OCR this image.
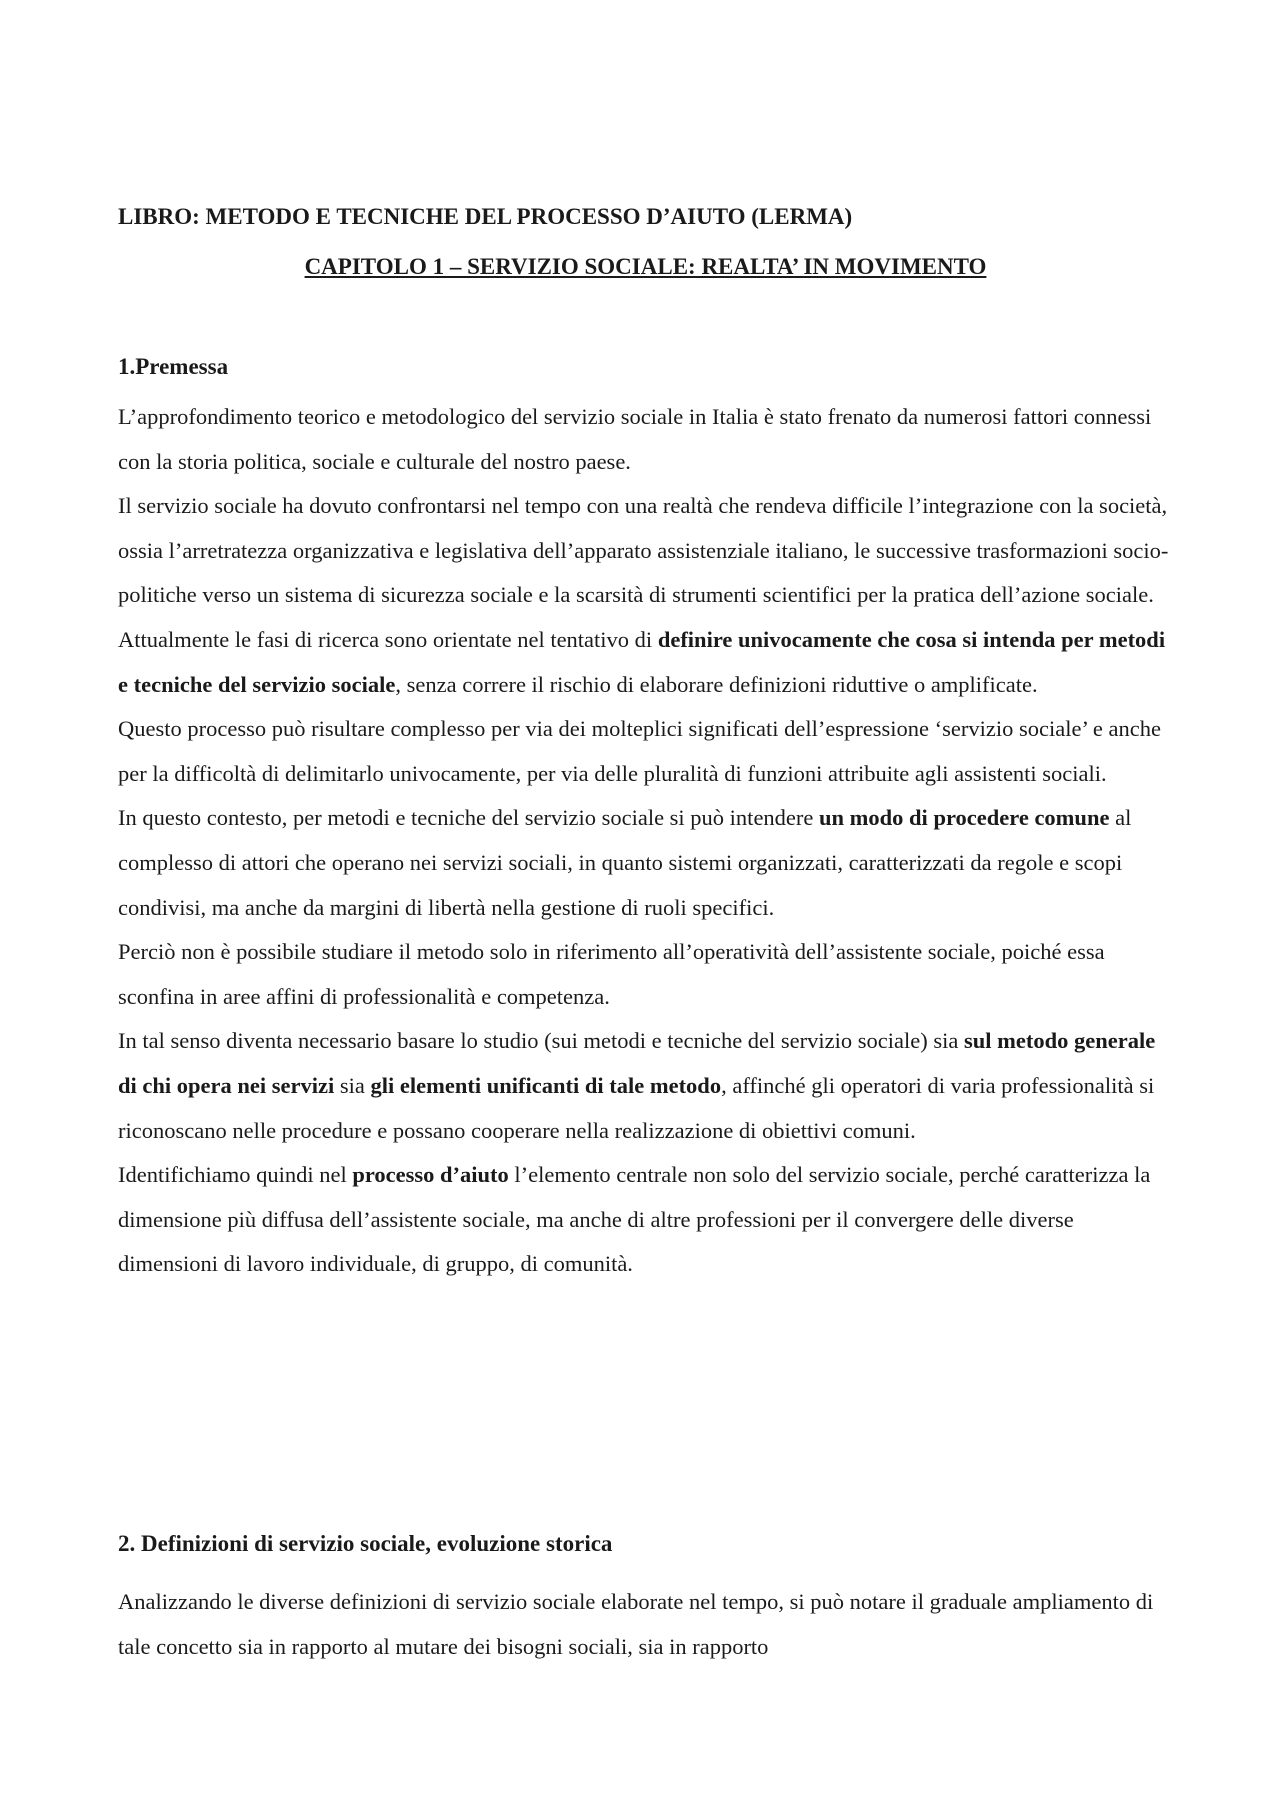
LIBRO: METODO E TECNICHE DEL PROCESSO D’AIUTO (LERMA)
CAPITOLO 1 – SERVIZIO SOCIALE: REALTA’ IN MOVIMENTO
1.Premessa

L’approfondimento teorico e metodologico del servizio sociale in Italia è stato frenato da numerosi fattori connessi con la storia politica, sociale e culturale del nostro paese.

Il servizio sociale ha dovuto confrontarsi nel tempo con una realtà che rendeva difficile l’integrazione con la società, ossia l’arretratezza organizzativa e legislativa dell’apparato assistenziale italiano, le successive trasformazioni socio-politiche verso un sistema di sicurezza sociale e la scarsità di strumenti scientifici per la pratica dell’azione sociale.

Attualmente le fasi di ricerca sono orientate nel tentativo di definire univocamente che cosa si intenda per metodi e tecniche del servizio sociale, senza correre il rischio di elaborare definizioni riduttive o amplificate.

Questo processo può risultare complesso per via dei molteplici significati dell’espressione ‘servizio sociale’ e anche per la difficoltà di delimitarlo univocamente, per via delle pluralità di funzioni attribuite agli assistenti sociali.

In questo contesto, per metodi e tecniche del servizio sociale si può intendere un modo di procedere comune al complesso di attori che operano nei servizi sociali, in quanto sistemi organizzati, caratterizzati da regole e scopi condivisi, ma anche da margini di libertà nella gestione di ruoli specifici.

Perciò non è possibile studiare il metodo solo in riferimento all’operatività dell’assistente sociale, poiché essa sconfina in aree affini di professionalità e competenza.

In tal senso diventa necessario basare lo studio (sui metodi e tecniche del servizio sociale) sia sul metodo generale di chi opera nei servizi sia gli elementi unificanti di tale metodo, affinché gli operatori di varia professionalità si riconoscano nelle procedure e possano cooperare nella realizzazione di obiettivi comuni.

Identifichiamo quindi nel processo d’aiuto l’elemento centrale non solo del servizio sociale, perché caratterizza la dimensione più diffusa dell’assistente sociale, ma anche di altre professioni per il convergere delle diverse dimensioni di lavoro individuale, di gruppo, di comunità.

2. Definizioni di servizio sociale, evoluzione storica

Analizzando le diverse definizioni di servizio sociale elaborate nel tempo, si può notare il graduale ampliamento di tale concetto sia in rapporto al mutare dei bisogni sociali, sia in rapporto
